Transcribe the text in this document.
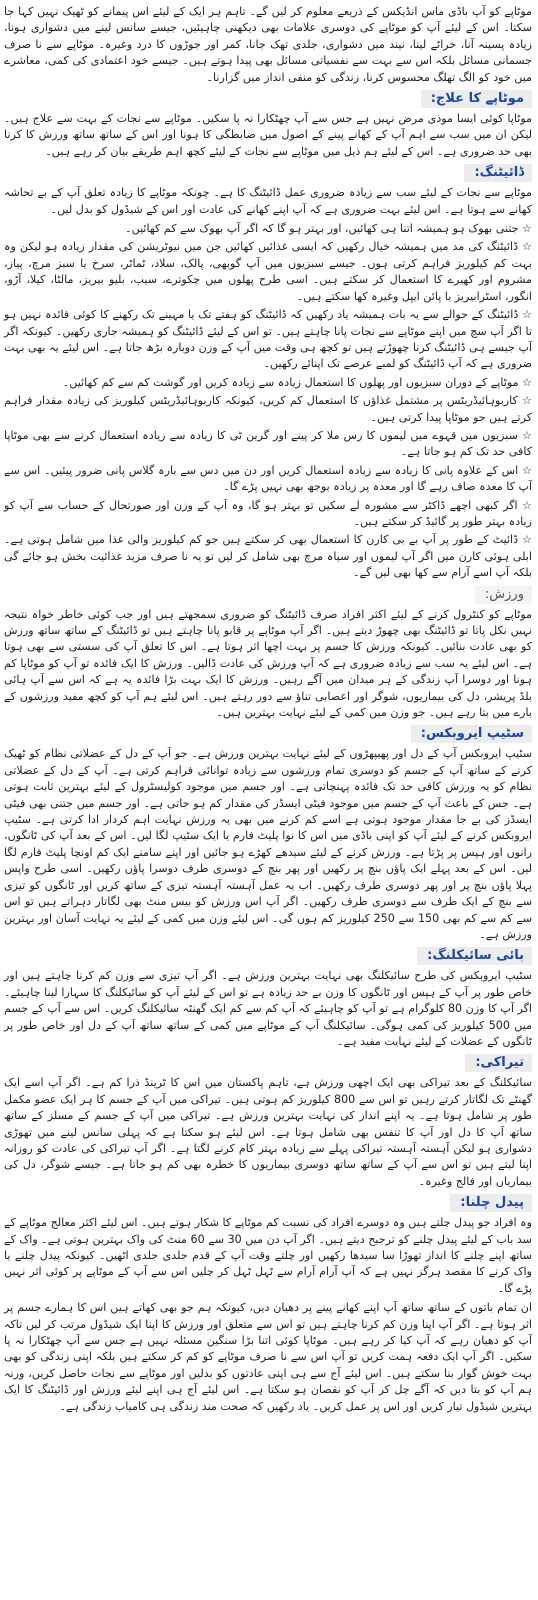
موٹاپے کو آپ باڈی ماس انڈیکس کے ذریعے معلوم کر لیں گے۔ تاہم ہر ایک کے لیئے اس پیمانے کو ٹھیک نہیں کہا جا سکتا۔ اس کے لیئے آپ کو موٹاپے کی دوسری علامات بھی دیکھنی چاہیئیں، جیسے سانس لینے میں دشواری ہونا، زیادہ پسینہ آنا، خراٹے لینا، نیند میں دشواری، جلدی تھک جانا، کمر اور جوڑوں کا درد وغیرہ۔ موٹاپے سے نا صرف جسمانی مسائل بلکہ اس سے بہت سے نفسیاتی مسائل بھی پیدا ہوتے ہیں۔ جیسے خود اعتمادی کی کمی، معاشرے میں خود کو الگ تھلگ محسوس کرنا، زندگی کو منفی انداز میں گزارنا۔

موٹاپے کا علاج:

موٹاپا کوئی ایسا موذی مرض نہیں ہے جس سے آپ چھٹکارا نہ پا سکیں۔ موٹاپے سے نجات کے بہت سے علاج ہیں۔ لیکن ان میں سب سے اہم آپ کے کھانے پینے کے اصول میں ضابطگی کا ہونا اور اس کے ساتھ ساتھ ورزش کا کرنا بھی حد ضروری ہے۔ اس کے لیئے ہم ذیل میں موٹاپے سے نجات کے لیئے کچھ اہم طریقے بیان کر رہے ہیں۔

ڈائیٹنگ:

موٹاپے سے نجات کے لیئے سب سے زیادہ ضروری عمل ڈائیٹنگ کا ہے۔ چونکہ موٹاپے کا زیادہ تعلق آپ کے بے تحاشہ کھانے سے ہوتا ہے۔ اس لیئے بہت ضروری ہے کہ آپ اپنے کھانے کی عادت اور اس کے شیڈول کو بدل لیں۔

☆ جتنی بھوک ہو ہمیشہ اتنا ہی کھائیں، اور بہتر ہو گا کہ اگر آپ بھوک سے کم کھائیں۔

☆ ڈائیٹنگ کی مد میں ہمیشہ خیال رکھیں کہ ایسی غذائیں کھائیں جن میں نیوٹریشن کی مقدار زیادہ ہو لیکن وہ بہت کم کیلوریز فراہم کرتی ہوں۔ جیسے سبزیوں میں آپ گوبھی، پالک، سلاد، ٹماٹر، سرخ یا سبز مرچ، پیاز، مشروم اور کھیرے کا استعمال کر سکتے ہیں۔ اسی طرح پھلوں میں چکوترے، سیب، بلیو بیریز، مالٹا، کیلا، آڑو، انگور، اسٹرابیریز یا پائن ایپل وغیرہ کھا سکتے ہیں۔

☆ ڈائیٹنگ کے حوالے سے یہ بات ہمیشہ یاد رکھیں کہ ڈائیٹنگ کو ہفتے تک یا مہینے تک رکھنے کا کوئی فائدہ نہیں ہو تا اگر آپ سچ میں اپنے موٹاپے سے نجات پانا چاہتے ہیں۔ تو اس کے لیئے ڈائیٹنگ کو ہمیشہ جاری رکھیں۔ کیونکہ اگر آپ جیسے ہی ڈائیٹنگ کرنا چھوڑتے ہیں تو کچھ ہی وقت میں آپ کے وزن دوبارہ بڑھ جاتا ہے۔ اس لیئے یہ بھی بہت ضروری ہے کہ آپ ڈائیٹنگ کو لمبے عرصے تک اپنائے رکھیں۔

☆ موٹاپے کے دوران سبزیوں اور پھلوں کا استعمال زیادہ سے زیادہ کریں اور گوشت کم سے کم کھائیں۔

☆ کاربوہائیڈریٹس پر مشتمل غذاؤں کا استعمال کم کریں، کیونکہ کاربوہائیڈریٹس کیلوریز کی زیادہ مقدار فراہم کرتے ہیں جو موٹاپا پیدا کرتی ہیں۔

☆ سبزیوں میں قہوے میں لیموں کا رس ملا کر پینے اور گرین ٹی کا زیادہ سے زیادہ استعمال کرنے سے بھی موٹاپا کافی حد تک کم ہو جاتا ہے۔

☆ اس کے علاوہ پانی کا زیادہ سے زیادہ استعمال کریں اور دن میں دس سے بارہ گلاس پانی ضرور پیئیں۔ اس سے آپ کا معدہ صاف رہے گا اور معدہ پر زیادہ بوجھ بھی نہیں پڑے گا۔

☆ اگر کبھی اچھے ڈاکٹر سے مشورہ لے سکیں تو بہتر ہو گا، وہ آپ کے وزن اور صورتحال کے حساب سے آپ کو زیادہ بہتر طور پر گائیڈ کر سکتے ہیں۔

☆ ڈائیٹ کے طور پر آپ بے بی کارن کا استعمال بھی کر سکتے ہیں جو کم کیلوریز والی غذا میں شامل ہوتی ہے۔ ابلی ہوئی کارن میں اگر آپ لیموں اور سیاہ مرچ بھی شامل کر لیں تو یہ نا صرف مزید غذائیت بخش ہو جائے گی بلکہ آپ اسے آرام سے کھا بھی لیں گے۔

ورزش:

موٹاپے کو کنٹرول کرنے کے لیئے اکثر افراد صرف ڈائیٹنگ کو ضروری سمجھتے ہیں اور جب کوئی خاطر خواہ نتیجہ نہیں نکل پاتا تو ڈائیٹنگ بھی چھوڑ دیتے ہیں۔ اگر آپ موٹاپے پر قابو پانا چاہتے ہیں تو ڈائیٹنگ کے ساتھ ساتھ ورزش کو بھی عادت بنائیں۔ کیونکہ ورزش کا جسم پر بہت اچھا اثر ہوتا ہے۔ اس کا تعلق آپ کی سستی سے بھی ہوتا ہے۔ اس لیئے یہ سب سے زیادہ ضروری ہے کہ آپ ورزش کی عادت ڈالیں۔ ورزش کا ایک فائدہ تو آپ کو موٹاپا کم ہونا اور دوسرا آپ زندگی کے ہر میدان میں آگے رہیں۔ ورزش کا ایک بہت بڑا فائدہ یہ ہے کہ اس سے آپ ہائی بلڈ پریشر، دل کی بیماریوں، شوگر اور اعصابی تناؤ سے دور رہتے ہیں۔ اس لیئے ہم آپ کو کچھ مفید ورزشوں کے بارے میں بتا رہے ہیں۔ جو وزن میں کمی کے لیئے نہایت بہترین ہیں۔

سٹیپ ایروبکس:

سٹیپ ایروبکس آپ کے دل اور پھیپھڑوں کے لیئے نہایت بہترین ورزش ہے۔ جو آپ کے دل کے عضلاتی نظام کو ٹھیک کرنے کے ساتھ آپ کے جسم کو دوسری تمام ورزشوں سے زیادہ توانائی فراہم کرتی ہے۔ آپ کے دل کے عضلاتی نظام کو یہ ورزش کافی حد تک فائدہ پہنچاتی ہے۔ اور جسم میں موجود کولیسٹرول کے لیئے بہترین ثابت ہوتی ہے۔ جس کے باعث آپ کے جسم میں موجود فیٹی ایسڈز کی مقدار کم ہو جاتی ہے۔ اور جسم میں جتنی بھی فیٹی ایسڈز کی بے جا مقدار موجود ہوتی ہے اسے کم کرنے میں بھی یہ ورزش نہایت اہم کردار ادا کرتی ہے۔ سٹیپ ایروبکس کرنے کے لیئے آپ کو اپنی باڈی میں اس کا نوا پلیٹ فارم یا ایک سٹیپ لگا لیں۔ اس کے بعد آپ کی ٹانگوں، رانوں اور ہپس پر پڑتا ہے۔ ورزش کرنے کے لیئے سیدھے کھڑے ہو جائیں اور اپنے سامنے ایک کم اونچا پلیٹ فارم لگا لیں۔ اس کے بعد پہلے ایک پاؤں بنچ پر رکھیں اور پھر بنچ کے دوسری طرف دوسرا پاؤں رکھیں۔ اسی طرح واپس پہلا پاؤں بنچ پر اور پھر دوسری طرف رکھیں۔ اب یہ عمل آہستہ آہستہ تیزی کے ساتھ کریں اور ٹانگوں کو تیزی سے بنچ کے ایک طرف سے دوسری طرف رکھیں۔ اگر آپ اس ورزش کو بیس منٹ بھی لگاتار دہراتے ہیں تو اس سے کم سے کم بھی 150 سے 250 کیلوریز کم ہوں گی۔ اس لیئے وزن میں کمی کے لیئے یہ نہایت آسان اور بہترین ورزش ہے۔

بائی سائیکلنگ:

سٹیپ ایروبکس کی طرح سائیکلنگ بھی نہایت بہترین ورزش ہے۔ اگر آپ تیزی سے وزن کم کرنا چاہتے ہیں اور خاص طور پر آپ کے ہپس اور ٹانگوں کا وزن بے حد زیادہ ہے تو اس کے لیئے آپ کو سائیکلنگ کا سہارا لینا چاہیئے۔ اگر آپ کا وزن 80 کلوگرام ہے تو آپ کو چاہیئے کہ آپ کم سے کم ایک گھنٹہ سائیکلنگ کریں۔ اس سے آپ کے جسم میں 500 کیلوریز کی کمی ہوگی۔ سائیکلنگ آپ کے موٹاپے میں کمی کے ساتھ ساتھ آپ کے دل اور خاص طور پر ٹانگوں کے عضلات کے لیئے نہایت مفید ہے۔

تیراکی:

سائیکلنگ کے بعد تیراکی بھی ایک اچھی ورزش ہے، تاہم پاکستان میں اس کا ٹرینڈ ذرا کم ہے۔ اگر آپ اسے ایک گھنٹے تک لگاتار کرتے رہیں تو اس سے 800 کیلوریز کم ہوتی ہیں۔ تیراکی میں آپ کے جسم کا ہر ایک عضو مکمل طور پر شامل ہوتا ہے۔ یہ اپنے انداز کی نہایت بہترین ورزش ہے۔ تیراکی میں آپ کے جسم کے مسلز کے ساتھ ساتھ آپ کا دل اور آپ کا تنفس بھی شامل ہوتا ہے۔ اس لیئے ہو سکتا ہے کہ پہلی سانس لینے میں تھوڑی دشواری ہو لیکن آہستہ آہستہ تیراکی پہلے سے زیادہ بہتر کام کرنے لگتا ہے۔ اگر آپ تیراکی کی عادت کو روزانہ اپنا لیتے ہیں تو اس سے آپ کے ساتھ ساتھ دوسری بیماریوں کا خطرہ بھی کم ہو جاتا ہے۔ جیسے شوگر، دل کی بیماریاں اور فالج وغیرہ۔

پیدل چلنا:

وہ افراد جو پیدل چلتے ہیں وہ دوسرے افراد کی نسبت کم موٹاپے کا شکار ہوتے ہیں۔ اس لیئے اکثر معالج موٹاپے کے سد باب کے لیئے پیدل چلنے کو ترجیح دیتے ہیں۔ اگر آپ دن میں 30 سے 60 منٹ کی واک بہترین ہوتی ہے۔ واک کے ساتھ اپنے چلنے کا انداز تھوڑا سا سیدھا رکھیں اور چلتے وقت آپ کے قدم جلدی جلدی اٹھیں۔ کیونکہ پیدل چلنے یا واک کرنے کا مقصد ہرگز نہیں ہے کہ آپ آرام آرام سے ٹہل ٹہل کر چلیں اس سے آپ کے موٹاپے پر کوئی اثر نہیں پڑے گا۔

ان تمام باتوں کے ساتھ ساتھ آپ اپنے کھانے پینے پر دھیان دیں، کیونکہ ہم جو بھی کھاتے ہیں اس کا ہمارے جسم پر اثر ہوتا ہے۔ اگر آپ اپنا وزن کم کرنا چاہتے ہیں تو اس سے متعلق اور ورزش کا اپنا ایک شیڈول مرتب کر لیں تاکہ آپ کو دھیان رہے کہ آپ کیا کر رہے ہیں۔ موٹاپا کوئی اتنا بڑا سنگین مسئلہ نہیں ہے جس سے آپ چھٹکارا نہ پا سکیں۔ اگر آپ ایک دفعہ ہمت کریں تو آپ اس سے نا صرف موٹاپے کو کم کر سکتے ہیں بلکہ اپنی زندگی کو بھی بہت خوش گوار بنا سکتے ہیں۔ اس لیئے آج سے ہی اپنی عادتوں کو بدلیں اور موٹاپے سے نجات حاصل کریں، ورنہ ہم آپ کو بتا دیں کہ آگے چل کر آپ کو نقصان ہو سکتا ہے۔ اس لیئے آج ہی اپنے لیئے ورزش اور ڈائیٹنگ کا ایک بہترین شیڈول تیار کریں اور اس پر عمل کریں۔ یاد رکھیں کہ صحت مند زندگی ہی کامیاب زندگی ہے۔
